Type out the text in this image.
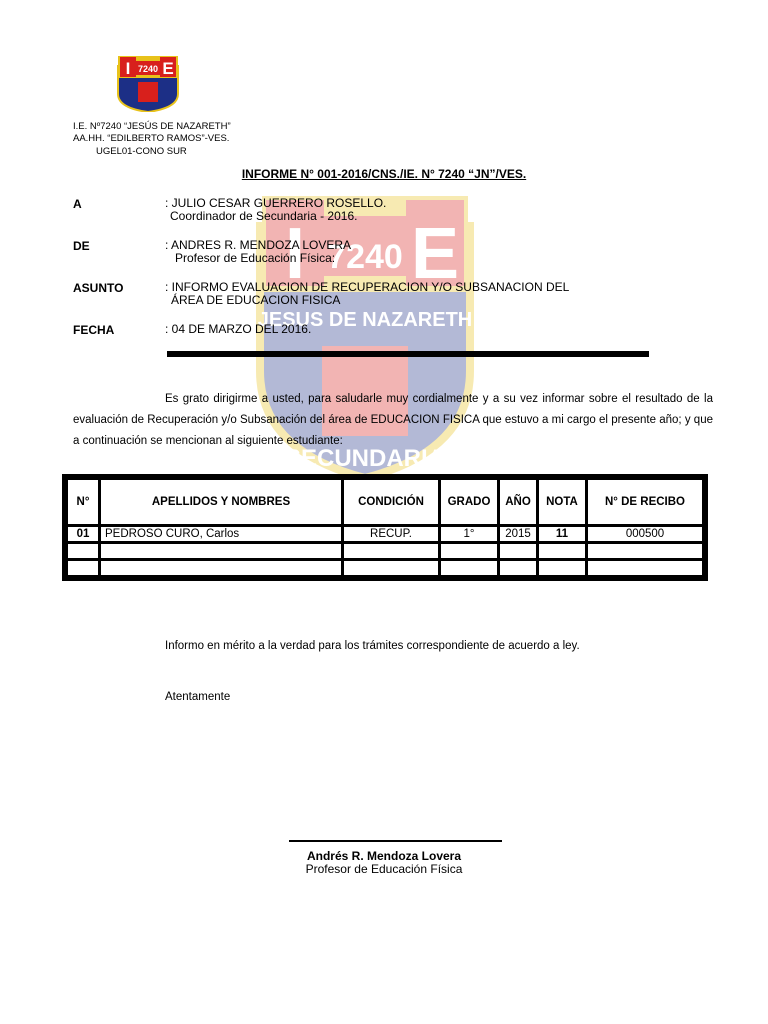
I 7240 E
JESUS DE NAZARETH
SECUNDARIA
I 7240 E
I.E. Nº7240 “JESÚS DE NAZARETH”
AA.HH. “EDILBERTO RAMOS”-VES.
UGEL01-CONO SUR
INFORME N° 001-2016/CNS./IE. N° 7240 “JN”/VES.
A	: JULIO CESAR GUERRERO ROSELLO.
Coordinador de Secundaria - 2016.
DE	: ANDRES R. MENDOZA LOVERA
Profesor de Educación Física:
ASUNTO	: INFORMO EVALUACION DE RECUPERACION Y/O SUBSANACION DEL
ÁREA DE EDUCACION FISICA
FECHA	: 04 DE MARZO DEL 2016.
Es grato dirigirme a usted, para saludarle muy cordialmente y a su vez informar sobre el resultado de la evaluación de Recuperación y/o Subsanación del área de EDUCACION FISICA que estuvo a mi cargo el presente año; y que a continuación se mencionan al siguiente estudiante:
N°	APELLIDOS Y NOMBRES	CONDICIÓN	GRADO	AÑO	NOTA	N° DE RECIBO
01	PEDROSO CURO, Carlos	RECUP.	1°	2015	11	000500

Informo en mérito a la verdad para los trámites correspondiente de acuerdo a ley.
Atentamente
Andrés R. Mendoza Lovera
Profesor de Educación Física
